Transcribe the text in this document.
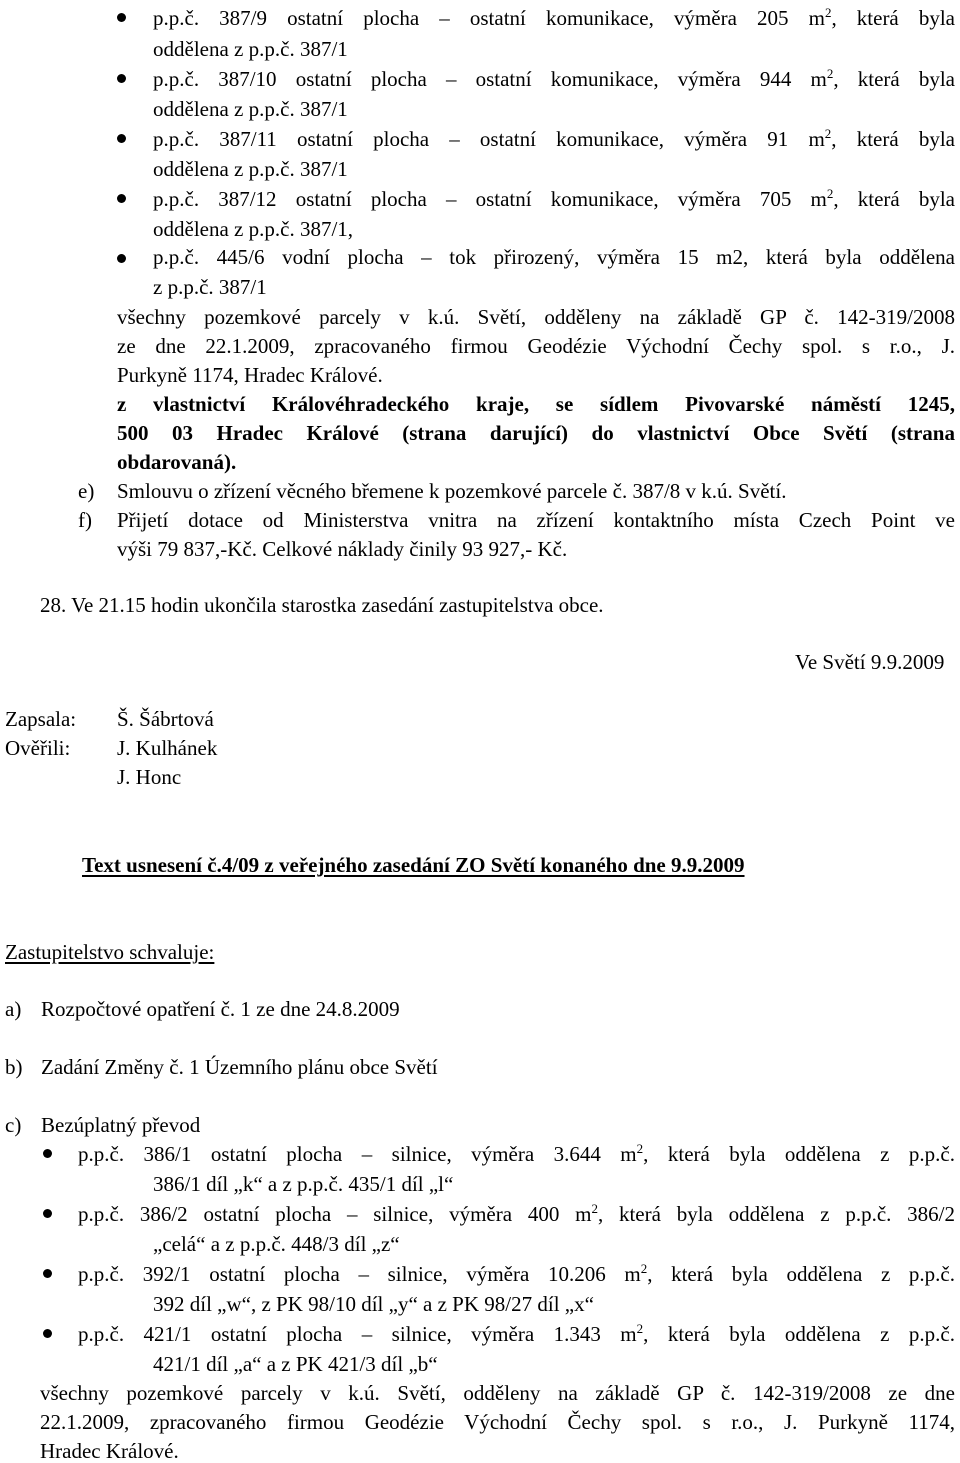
p.p.č. 387/9 ostatní plocha – ostatní komunikace, výměra 205 $m^2$, která byla
oddělena z p.p.č. 387/1
p.p.č. 387/10 ostatní plocha – ostatní komunikace, výměra 944 $m^2$, která byla
oddělena z p.p.č. 387/1
p.p.č. 387/11 ostatní plocha – ostatní komunikace, výměra 91 $m^2$, která byla
oddělena z p.p.č. 387/1
p.p.č. 387/12 ostatní plocha – ostatní komunikace, výměra 705 $m^2$, která byla
oddělena z p.p.č. 387/1,
p.p.č. 445/6 vodní plocha – tok přirozený, výměra 15 m2, která byla oddělena
z p.p.č. 387/1
všechny pozemkové parcely v k.ú. Světí, odděleny na základě GP č. 142-319/2008
ze dne 22.1.2009, zpracovaného firmou Geodézie Východní Čechy spol. s r.o., J.
Purkyně 1174, Hradec Králové.
z vlastnictví Královéhradeckého kraje, se sídlem Pivovarské náměstí 1245,
500 03 Hradec Králové (strana darující) do vlastnictví Obce Světí (strana
obdarovaná).
e) Smlouvu o zřízení věcného břemene k pozemkové parcele č. 387/8 v k.ú. Světí.
f) Přijetí dotace od Ministerstva vnitra na zřízení kontaktního místa Czech Point ve
výši 79 837,-Kč. Celkové náklady činily 93 927,- Kč.
28. Ve 21.15 hodin ukončila starostka zasedání zastupitelstva obce.
Ve Světí 9.9.2009
Zapsala: Š. Šábrtová
Ověřili: J. Kulhánek
J. Honc
Text usnesení č.4/09 z veřejného zasedání ZO Světí konaného dne 9.9.2009
Zastupitelstvo schvaluje:
a) Rozpočtové opatření č. 1 ze dne 24.8.2009
b) Zadání Změny č. 1 Územního plánu obce Světí
c) Bezúplatný převod
p.p.č. 386/1 ostatní plocha – silnice, výměra 3.644 $m^2$, která byla oddělena z p.p.č.
386/1 díl „k“ a z p.p.č. 435/1 díl „l“
p.p.č. 386/2 ostatní plocha – silnice, výměra 400 $m^2$, která byla oddělena z p.p.č. 386/2
„celá“ a z p.p.č. 448/3 díl „z“
p.p.č. 392/1 ostatní plocha – silnice, výměra 10.206 $m^2$, která byla oddělena z p.p.č.
392 díl „w“, z PK 98/10 díl „y“ a z PK 98/27 díl „x“
p.p.č. 421/1 ostatní plocha – silnice, výměra 1.343 $m^2$, která byla oddělena z p.p.č.
421/1 díl „a“ a z PK 421/3 díl „b“
všechny pozemkové parcely v k.ú. Světí, odděleny na základě GP č. 142-319/2008 ze dne
22.1.2009, zpracovaného firmou Geodézie Východní Čechy spol. s r.o., J. Purkyně 1174,
Hradec Králové.
